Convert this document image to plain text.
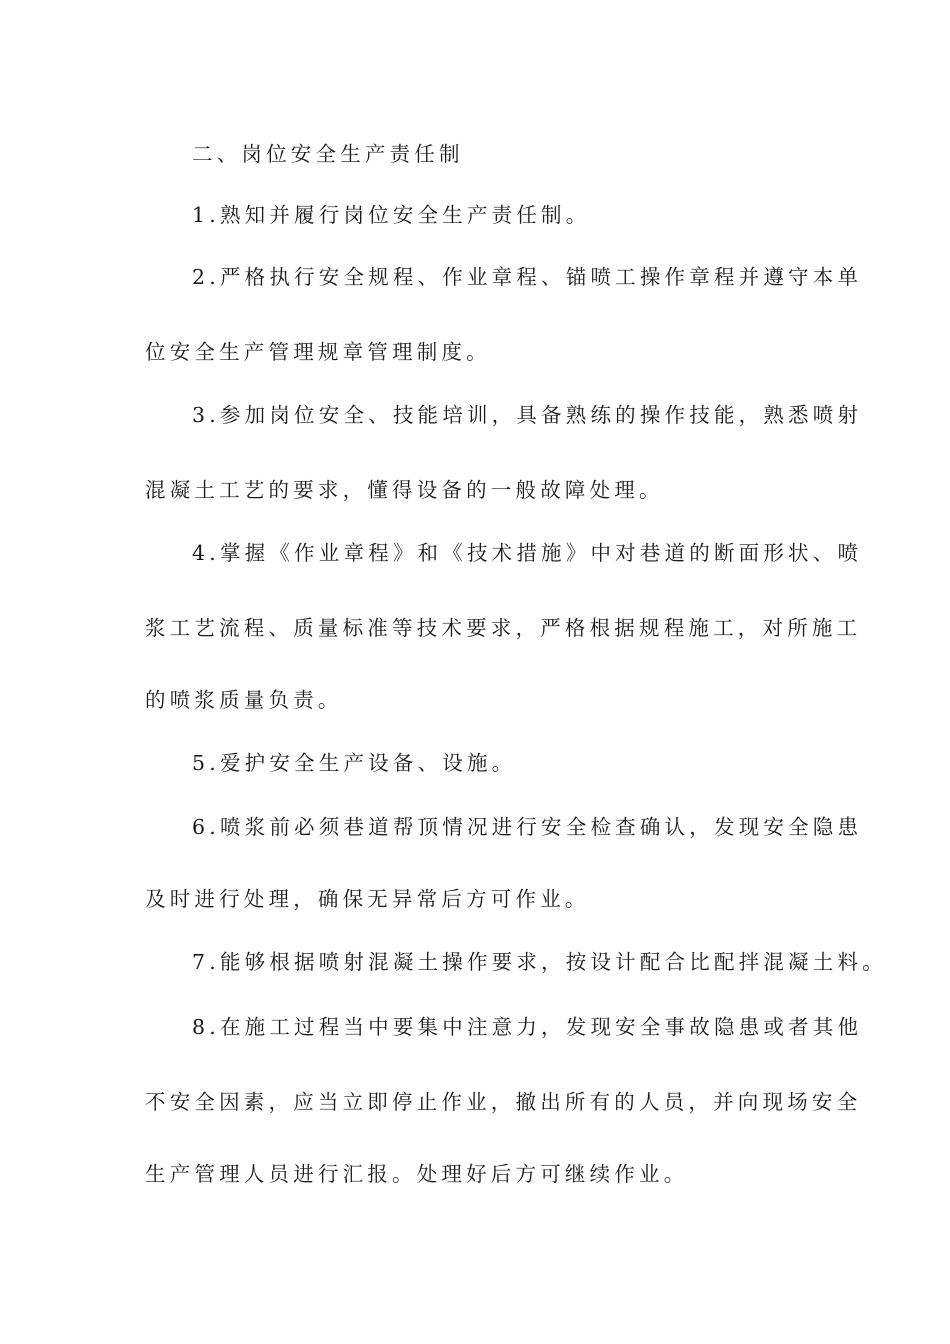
二、岗位安全生产责任制
1.熟知并履行岗位安全生产责任制。
2.严格执行安全规程、作业章程、锚喷工操作章程并遵守本单
位安全生产管理规章管理制度。
3.参加岗位安全、技能培训，具备熟练的操作技能，熟悉喷射
混凝土工艺的要求，懂得设备的一般故障处理。
4.掌握《作业章程》和《技术措施》中对巷道的断面形状、喷
浆工艺流程、质量标准等技术要求，严格根据规程施工，对所施工
的喷浆质量负责。
5.爱护安全生产设备、设施。
6.喷浆前必须巷道帮顶情况进行安全检查确认，发现安全隐患
及时进行处理，确保无异常后方可作业。
7.能够根据喷射混凝土操作要求，按设计配合比配拌混凝土料。
8.在施工过程当中要集中注意力，发现安全事故隐患或者其他
不安全因素，应当立即停止作业，撤出所有的人员，并向现场安全
生产管理人员进行汇报。处理好后方可继续作业。
